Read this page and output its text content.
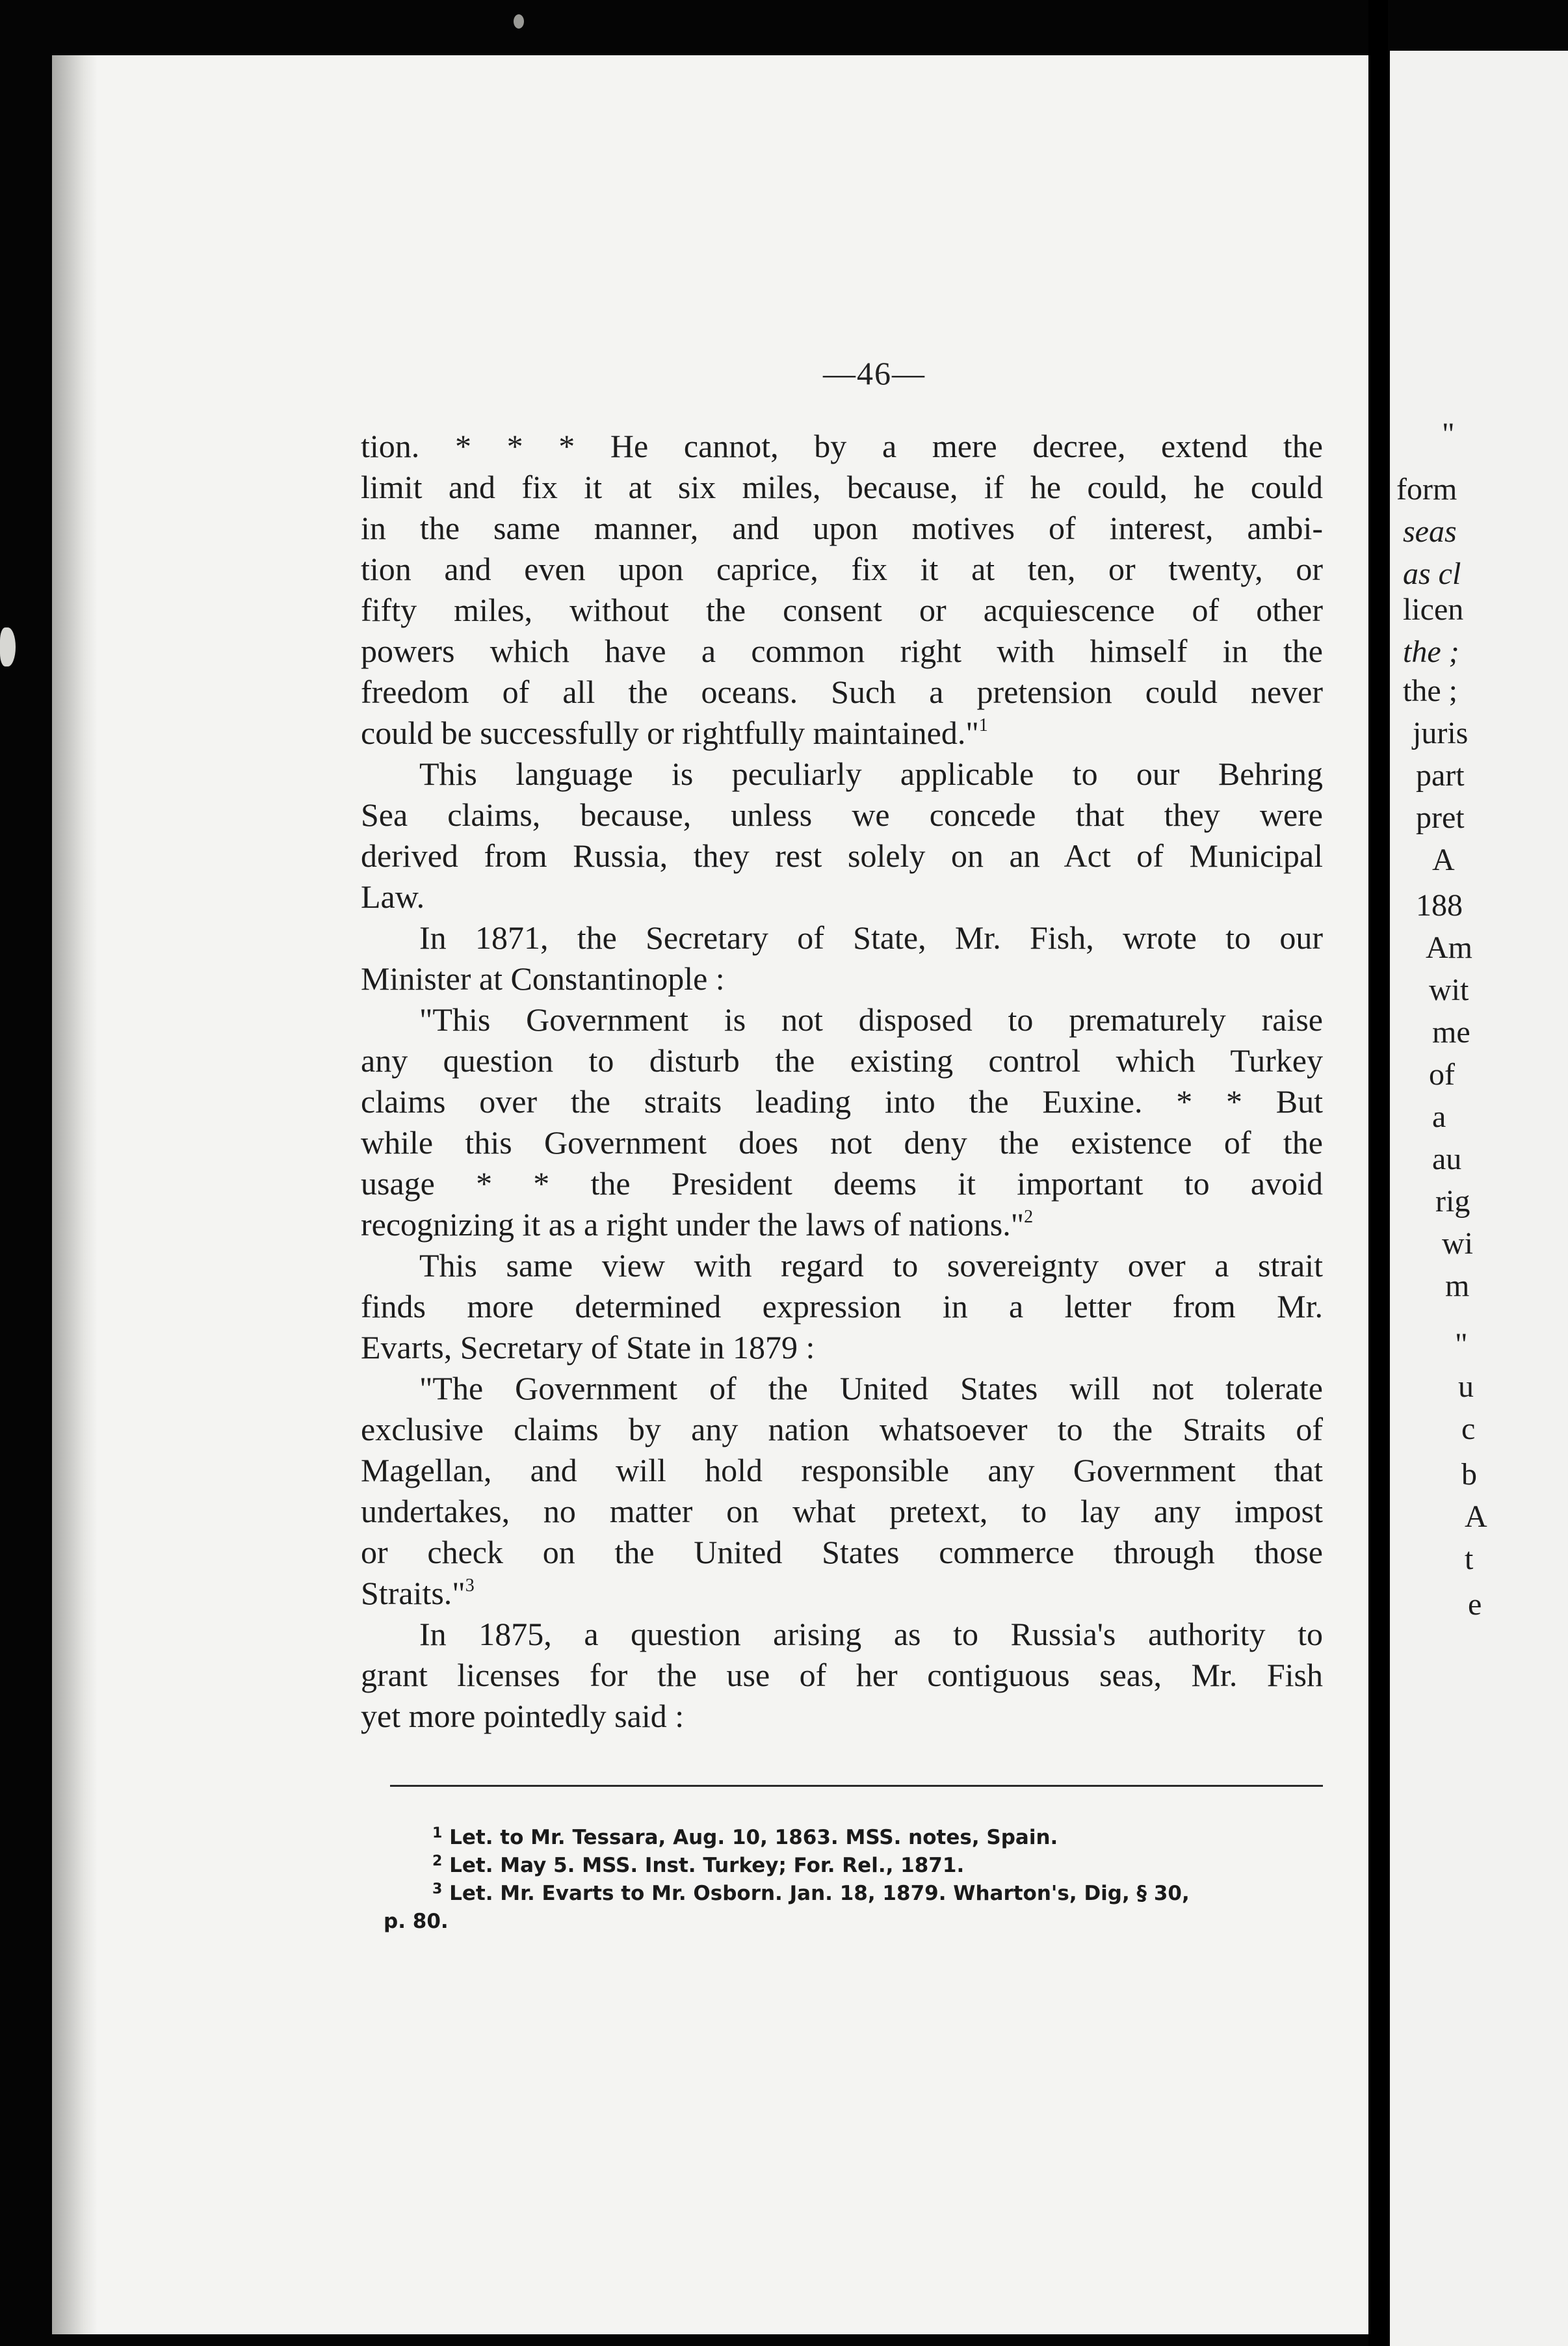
—46—
tion. * * * He cannot, by a mere decree, extend the
limit and fix it at six miles, because, if he could, he could
in the same manner, and upon motives of interest, ambi-
tion and even upon caprice, fix it at ten, or twenty, or
fifty miles, without the consent or acquiescence of other
powers which have a common right with himself in the
freedom of all the oceans. Such a pretension could never
could be successfully or rightfully maintained."$^1$
This language is peculiarly applicable to our Behring
Sea claims, because, unless we concede that they were
derived from Russia, they rest solely on an Act of Municipal
Law.
In 1871, the Secretary of State, Mr. Fish, wrote to our
Minister at Constantinople :
"This Government is not disposed to prematurely raise
any question to disturb the existing control which Turkey
claims over the straits leading into the Euxine. * * But
while this Government does not deny the existence of the
usage * * the President deems it important to avoid
recognizing it as a right under the laws of nations."$^2$
This same view with regard to sovereignty over a strait
finds more determined expression in a letter from Mr.
Evarts, Secretary of State in 1879 :
"The Government of the United States will not tolerate
exclusive claims by any nation whatsoever to the Straits of
Magellan, and will hold responsible any Government that
undertakes, no matter on what pretext, to lay any impost
or check on the United States commerce through those
Straits."$^3$
In 1875, a question arising as to Russia's authority to
grant licenses for the use of her contiguous seas, Mr. Fish
yet more pointedly said :
$^1$ Let. to Mr. Tessara, Aug. 10, 1863. MSS. notes, Spain.
$^2$ Let. May 5. MSS. Inst. Turkey; For. Rel., 1871.
$^3$ Let. Mr. Evarts to Mr. Osborn. Jan. 18, 1879. Wharton's, Dig, § 30,
p. 80.
"
form
seas
as cl
licen
the ;
the ;
juris
part
pret
A
188
Am
wit
me
of
a
au
rig
wi
m
"
u
c
b
A
t
e
